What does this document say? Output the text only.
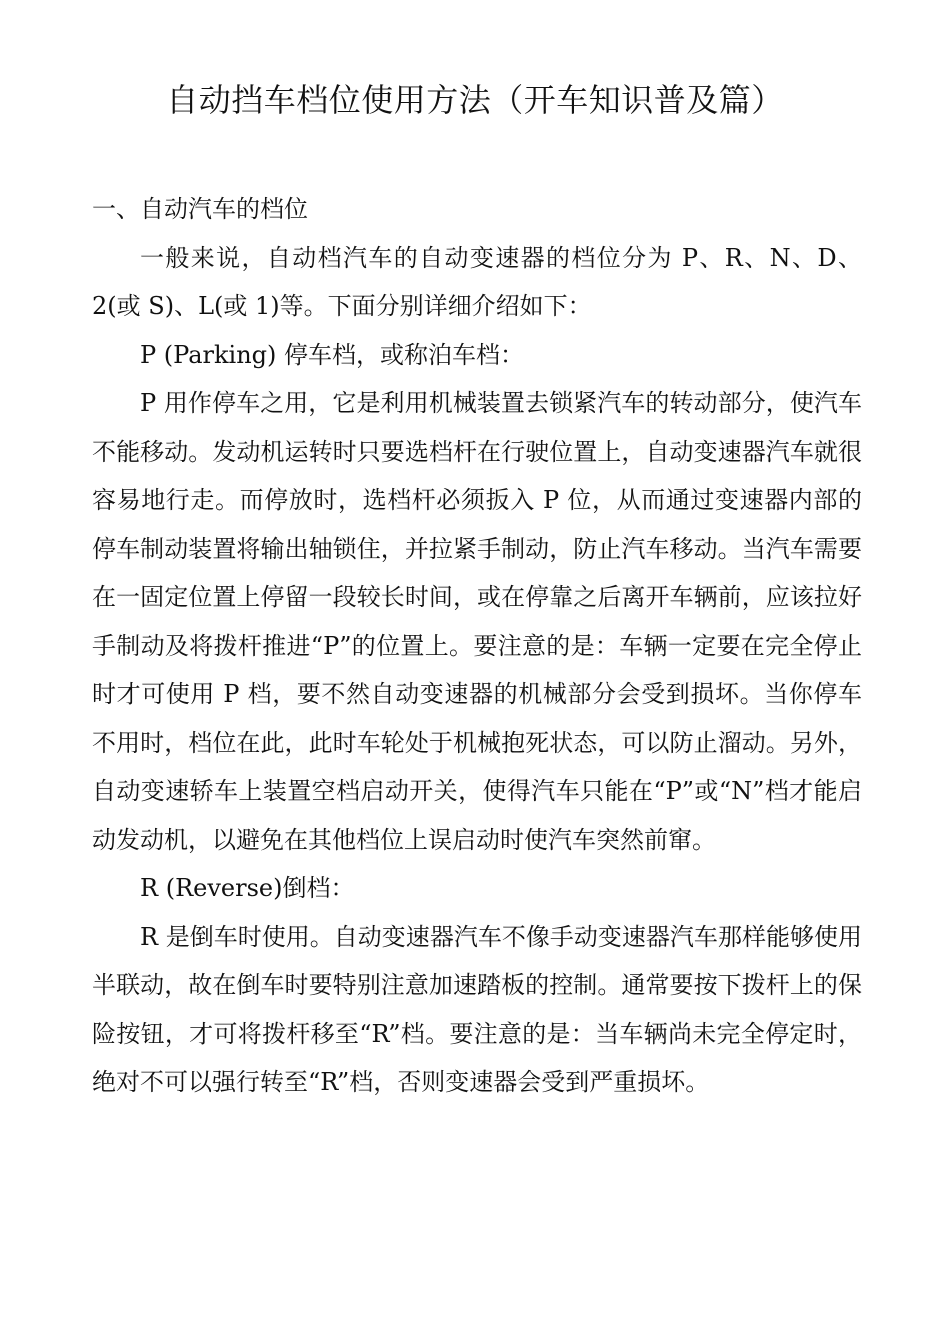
自动挡车档位使用方法（开车知识普及篇）

一、自动汽车的档位

一般来说，自动档汽车的自动变速器的档位分为 P、R、N、D、2(或 S)、L(或 1)等。下面分别详细介绍如下：

P (Parking) 停车档，或称泊车档：

P 用作停车之用，它是利用机械装置去锁紧汽车的转动部分，使汽车不能移动。发动机运转时只要选档杆在行驶位置上，自动变速器汽车就很容易地行走。而停放时，选档杆必须扳入 P 位，从而通过变速器内部的停车制动装置将输出轴锁住，并拉紧手制动，防止汽车移动。当汽车需要在一固定位置上停留一段较长时间，或在停靠之后离开车辆前，应该拉好手制动及将拨杆推进“P”的位置上。要注意的是：车辆一定要在完全停止时才可使用 P 档，要不然自动变速器的机械部分会受到损坏。当你停车不用时，档位在此，此时车轮处于机械抱死状态，可以防止溜动。另外，自动变速轿车上装置空档启动开关，使得汽车只能在“P”或“N”档才能启动发动机，以避免在其他档位上误启动时使汽车突然前窜。

R (Reverse)倒档：

R 是倒车时使用。自动变速器汽车不像手动变速器汽车那样能够使用半联动，故在倒车时要特别注意加速踏板的控制。通常要按下拨杆上的保险按钮，才可将拨杆移至“R”档。要注意的是：当车辆尚未完全停定时，绝对不可以强行转至“R”档，否则变速器会受到严重损坏。
